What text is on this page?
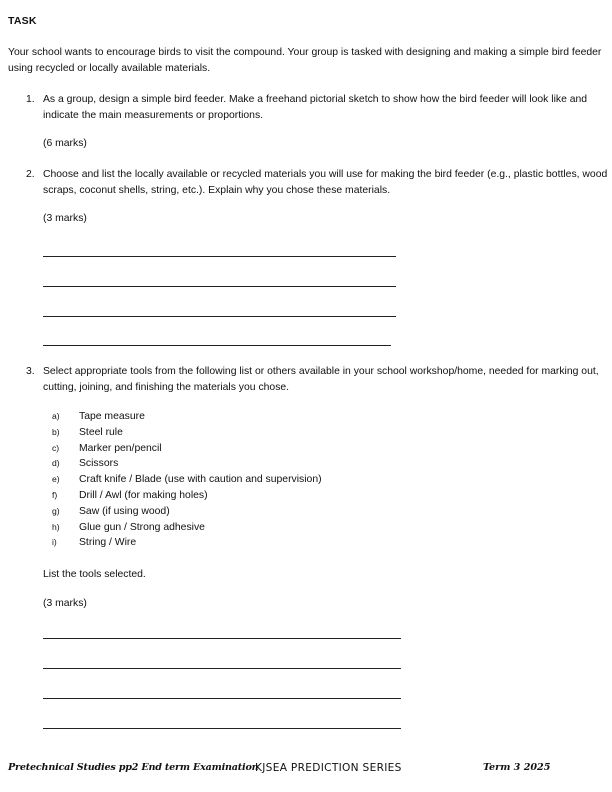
TASK
Your school wants to encourage birds to visit the compound. Your group is tasked with designing and making a simple bird feeder using recycled or locally available materials.
1. As a group, design a simple bird feeder. Make a freehand pictorial sketch to show how the bird feeder will look like and indicate the main measurements or proportions.
(6 marks)
2. Choose and list the locally available or recycled materials you will use for making the bird feeder (e.g., plastic bottles, wood scraps, coconut shells, string, etc.). Explain why you chose these materials.
(3 marks)
3. Select appropriate tools from the following list or others available in your school workshop/home, needed for marking out, cutting, joining, and finishing the materials you chose.
a)	Tape measure
b)	Steel rule
c)	Marker pen/pencil
d)	Scissors
e)	Craft knife / Blade (use with caution and supervision)
f)	Drill / Awl (for making holes)
g)	Saw (if using wood)
h)	Glue gun / Strong adhesive
i)	String / Wire
List the tools selected.
(3 marks)
Pretechnical Studies pp2 End term Examination
KJSEA PREDICTION SERIES	Term 3 2025
